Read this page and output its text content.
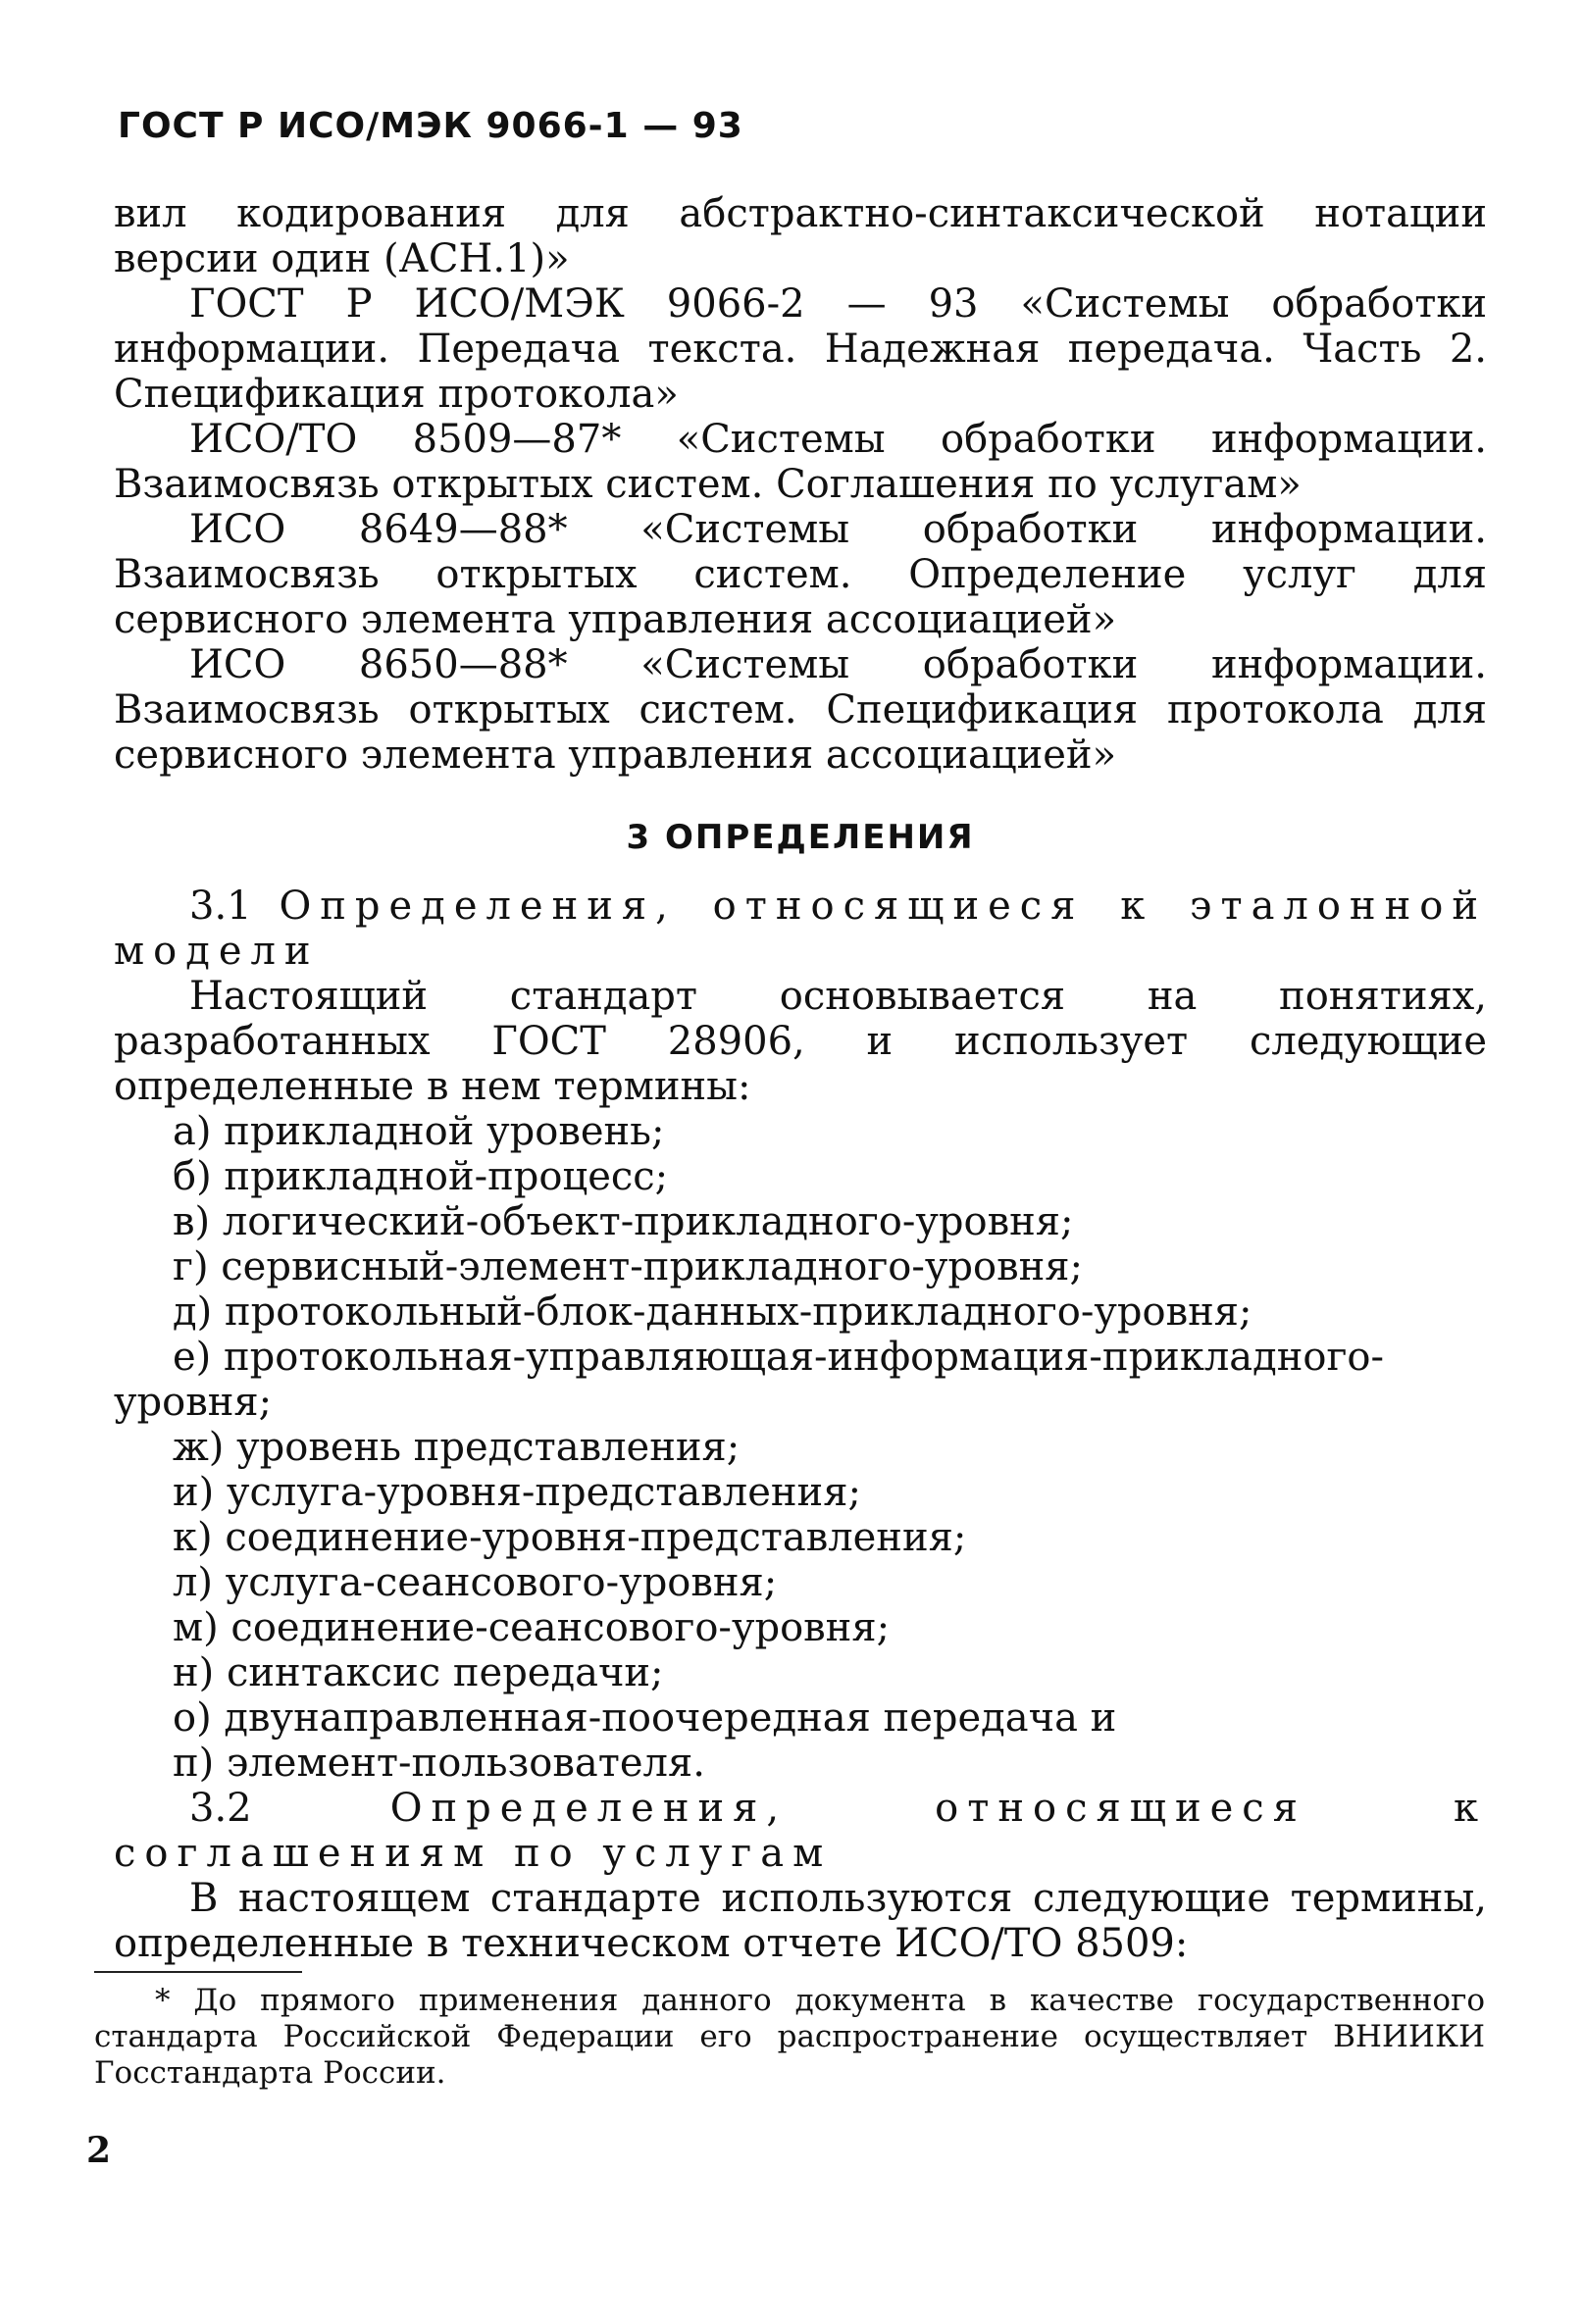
ГОСТ Р ИСО/МЭК 9066-1 — 93

вил кодирования для абстрактно-синтаксической нотации версии один (АСН.1)»

ГОСТ Р ИСО/МЭК 9066-2 — 93 «Системы обработки информации. Передача текста. Надежная передача. Часть 2. Спецификация протокола»

ИСО/ТО 8509—87* «Системы обработки информации. Взаимосвязь открытых систем. Соглашения по услугам»

ИСО 8649—88* «Системы обработки информации. Взаимосвязь открытых систем. Определение услуг для сервисного элемента управления ассоциацией»

ИСО 8650—88* «Системы обработки информации. Взаимосвязь открытых систем. Спецификация протокола для сервисного элемента управления ассоциацией»

3 ОПРЕДЕЛЕНИЯ

3.1 Определения, относящиеся к эталонной модели

Настоящий стандарт основывается на понятиях, разработанных ГОСТ 28906, и использует следующие определенные в нем термины:

а) прикладной уровень;

б) прикладной-процесс;

в) логический-объект-прикладного-уровня;

г) сервисный-элемент-прикладного-уровня;

д) протокольный-блок-данных-прикладного-уровня;

е) протокольная-управляющая-информация-прикладного-уровня;

ж) уровень представления;

и) услуга-уровня-представления;

к) соединение-уровня-представления;

л) услуга-сеансового-уровня;

м) соединение-сеансового-уровня;

н) синтаксис передачи;

о) двунаправленная-поочередная передача и

п) элемент-пользователя.

3.2	Определения, относящиеся к соглашениям по услугам

В настоящем стандарте используются следующие термины, определенные в техническом отчете ИСО/ТО 8509:

* До прямого применения данного документа в качестве государственного стандарта Российской Федерации его распространение осуществляет ВНИИКИ Госстандарта России.
2
